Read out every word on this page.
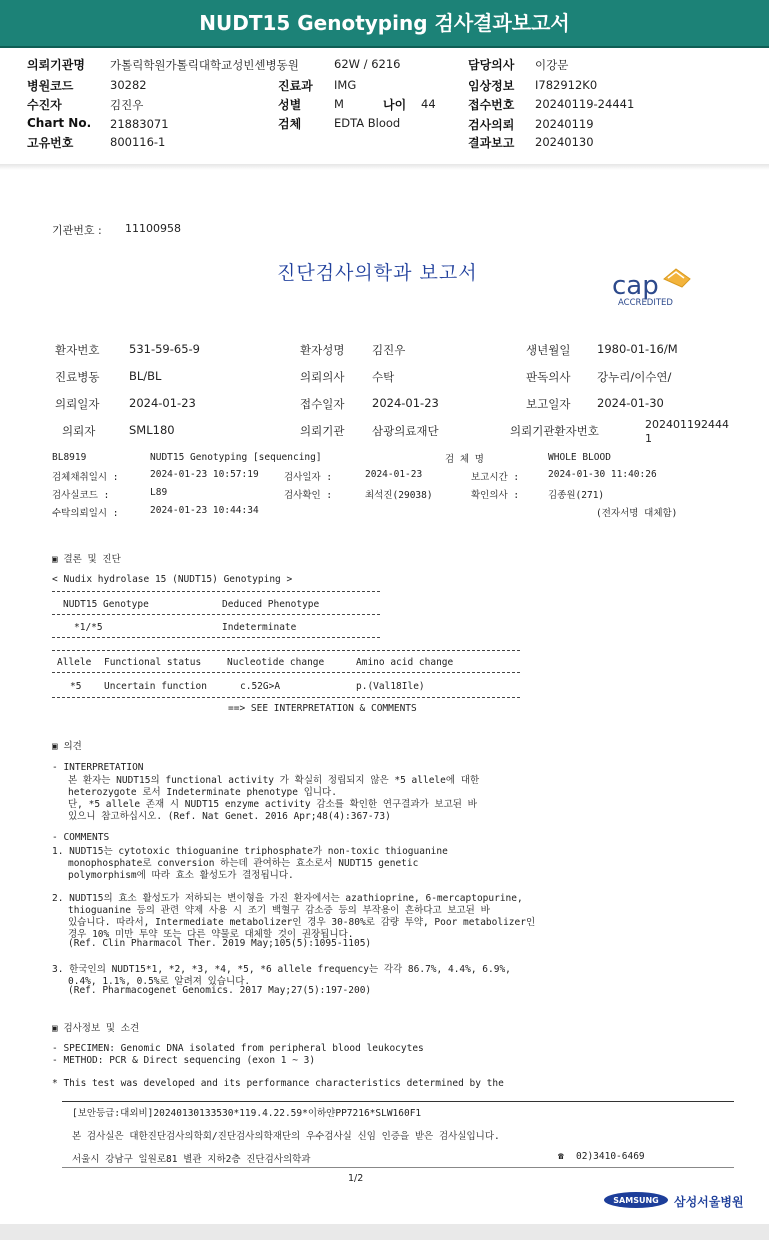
NUDT15 Genotyping 검사결과보고서
의뢰기관명 가톨릭학원가톨릭대학교성빈센병동원	62W / 6216	담당의사 이강문
병원코드	30282	진료과 IMG	임상정보 I782912K0
수진자	김진우	성별	M	나이 44	접수번호 20240119-24441
Chart No. 21883071	검체	EDTA Blood	검사의뢰 20240119
고유번호	800116-1	결과보고 20240130
기관번호 : 11100958
진단검사의학과 보고서	cap
ACCREDITED
환자번호	531-59-65-9	환자성명 김진우	생년월일 1980-01-16/M
진료병동	BL/BL	의뢰의사 수탁	판독의사 강누리/이수연/
의뢰일자	2024-01-23	접수일자 2024-01-23	보고일자 2024-01-30
의뢰자	SML180	의뢰기관 삼광의료재단	의뢰기관환자번호	202401192444
1
BL8919	NUDT15 Genotyping [sequencing]	검 체 명	WHOLE BLOOD
검체채취일시 :	2024-01-23 10:57:19	검사일자 :	2024-01-23	보고시간 :	2024-01-30 11:40:26
검사실코드 :	L89	검사확인 :	최석진(29038)	확인의사 :	김종원(271)
수탁의뢰일시 :	2024-01-23 10:44:34	(전자서명 대체함)
▣ 결론 및 진단
< Nudix hydrolase 15 (NUDT15) Genotyping >
NUDT15 Genotype	Deduced Phenotype
*1/*5	Indeterminate
Allele Functional status	Nucleotide change	Amino acid change
*5 Uncertain function	c.52G>A	p.(Val18Ile)
==> SEE INTERPRETATION & COMMENTS
▣ 의견
- INTERPRETATION
본 환자는 NUDT15의 functional activity 가 확실히 정립되지 않은 *5 allele에 대한
heterozygote 로서 Indeterminate phenotype 입니다.
단, *5 allele 존재 시 NUDT15 enzyme activity 감소를 확인한 연구결과가 보고된 바
있으니 참고하십시오. (Ref. Nat Genet. 2016 Apr;48(4):367-73)
- COMMENTS
1. NUDT15는 cytotoxic thioguanine triphosphate가 non-toxic thioguanine
monophosphate로 conversion 하는데 관여하는 효소로서 NUDT15 genetic
polymorphism에 따라 효소 활성도가 결정됩니다.
2. NUDT15의 효소 활성도가 저하되는 변이형을 가진 환자에서는 azathioprine, 6-mercaptopurine,
thioguanine 등의 관련 약제 사용 시 조기 백혈구 감소증 등의 부작용이 흔하다고 보고된 바
있습니다. 따라서, Intermediate metabolizer인 경우 30-80%로 감량 투약, Poor metabolizer인
경우 10% 미만 투약 또는 다른 약물로 대체할 것이 권장됩니다.
(Ref. Clin Pharmacol Ther. 2019 May;105(5):1095-1105)
3. 한국인의 NUDT15*1, *2, *3, *4, *5, *6 allele frequency는 각각 86.7%, 4.4%, 6.9%,
0.4%, 1.1%, 0.5%로 알려져 있습니다.
(Ref. Pharmacogenet Genomics. 2017 May;27(5):197-200)
▣ 검사정보 및 소견
- SPECIMEN: Genomic DNA isolated from peripheral blood leukocytes
- METHOD: PCR & Direct sequencing (exon 1 ~ 3)
* This test was developed and its performance characteristics determined by the
[보안등급:대외비]20240130133530*119.4.22.59*이하얀PP7216*SLW160F1
본 검사실은 대한진단검사의학회/진단검사의학재단의 우수검사실 신임 인증을 받은 검사실입니다.
서울시 강남구 일원로81 별관 지하2층 진단검사의학과	☎ 02)3410-6469
1/2
SAMSUNG 삼성서울병원
